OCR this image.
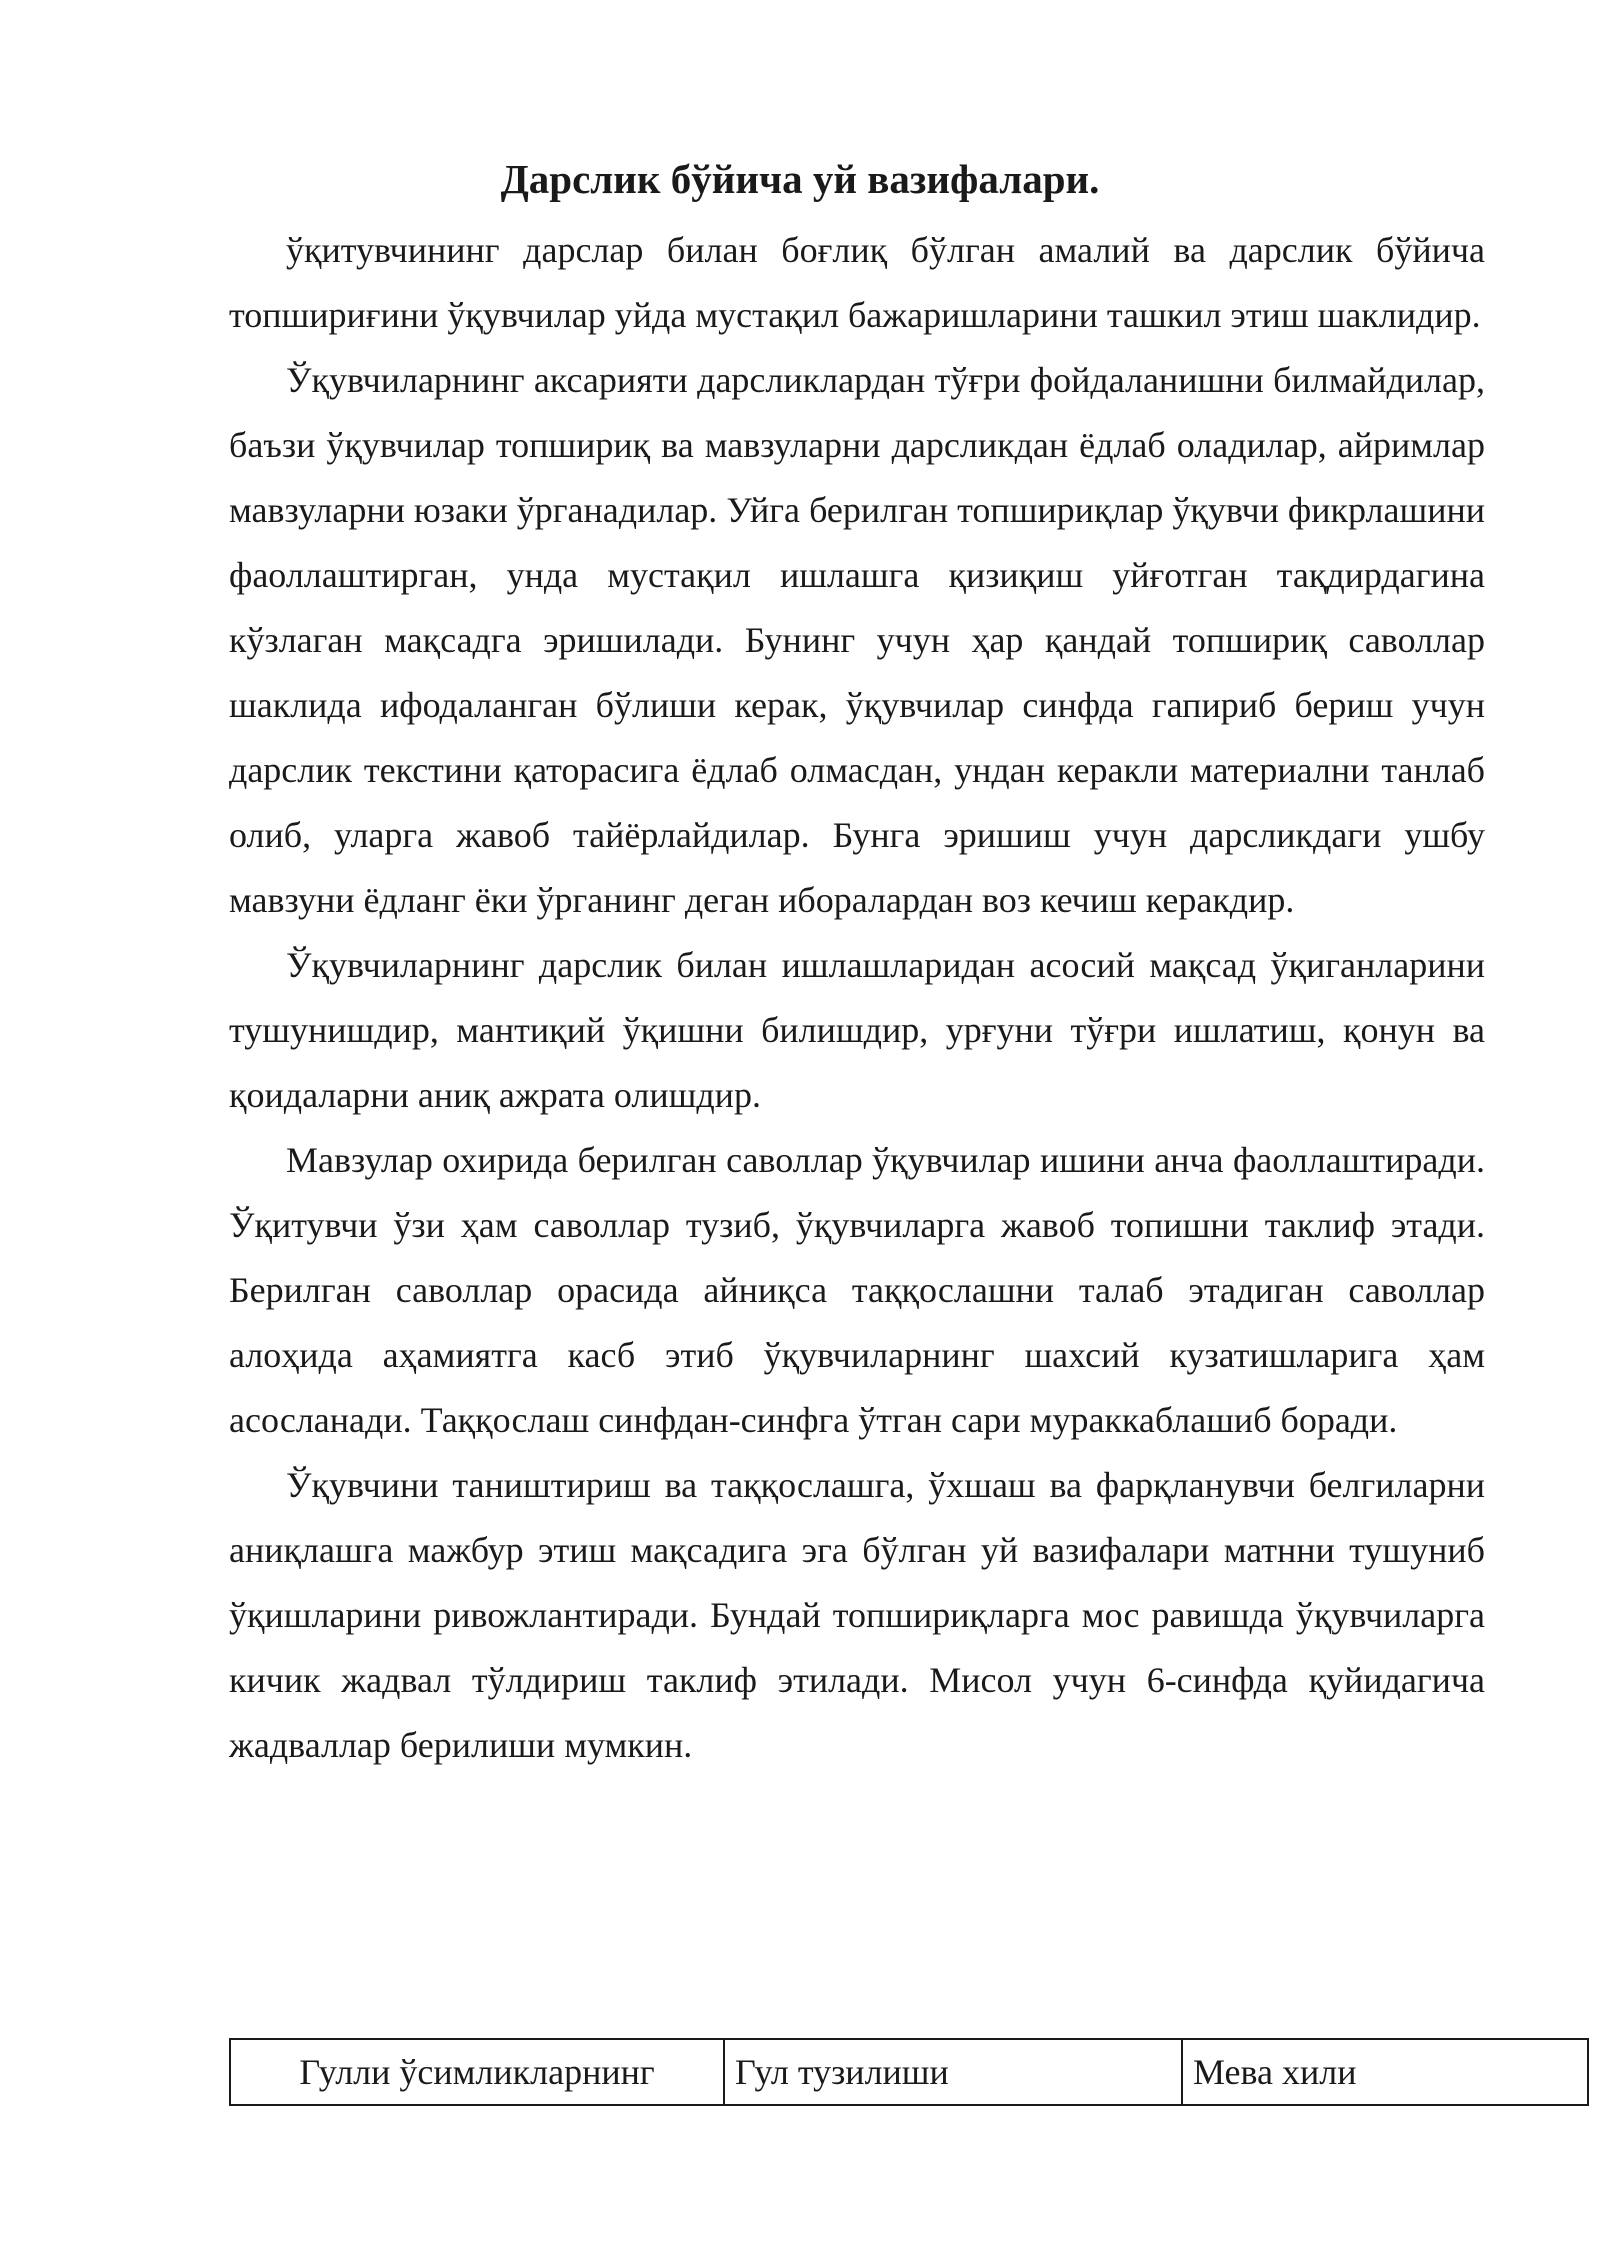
Дарслик бўйича уй вазифалари.

ўқитувчининг дарслар билан боғлиқ бўлган амалий ва дарслик бўйича топшириғини ўқувчилар уйда мустақил бажаришларини ташкил этиш шаклидир.

Ўқувчиларнинг аксарияти дарсликлардан тўғри фойдаланишни билмайдилар, баъзи ўқувчилар топшириқ ва мавзуларни дарсликдан ёдлаб оладилар, айримлар мавзуларни юзаки ўрганадилар. Уйга берилган топшириқлар ўқувчи фикрлашини фаоллаштирган, унда мустақил ишлашга қизиқиш уйғотган тақдирдагина кўзлаган мақсадга эришилади. Бунинг учун ҳар қандай топшириқ саволлар шаклида ифодаланган бўлиши керак, ўқувчилар синфда гапириб бериш учун дарслик текстини қаторасига ёдлаб олмасдан, ундан керакли материални танлаб олиб, уларга жавоб тайёрлайдилар. Бунга эришиш учун дарсликдаги ушбу мавзуни ёдланг ёки ўрганинг деган иборалардан воз кечиш керакдир.

Ўқувчиларнинг дарслик билан ишлашларидан асосий мақсад ўқиганларини тушунишдир, мантиқий ўқишни билишдир, урғуни тўғри ишлатиш, қонун ва қоидаларни аниқ ажрата олишдир.

Мавзулар охирида берилган саволлар ўқувчилар ишини анча фаоллаштиради. Ўқитувчи ўзи ҳам саволлар тузиб, ўқувчиларга жавоб топишни таклиф этади. Берилган саволлар орасида айниқса таққослашни талаб этадиган саволлар алоҳида аҳамиятга касб этиб ўқувчиларнинг шахсий кузатишларига ҳам асосланади. Таққослаш синфдан-синфга ўтган сари мураккаблашиб боради.

Ўқувчини таништириш ва таққослашга, ўхшаш ва фарқланувчи белгиларни аниқлашга мажбур этиш мақсадига эга бўлган уй вазифалари матнни тушуниб ўқишларини ривожлантиради. Бундай топшириқларга мос равишда ўқувчиларга кичик жадвал тўлдириш таклиф этилади. Мисол учун 6-синфда қуйидагича жадваллар берилиши мумкин.

Гулли ўсимликларнинг	Гул тузилиши	Мева хили
